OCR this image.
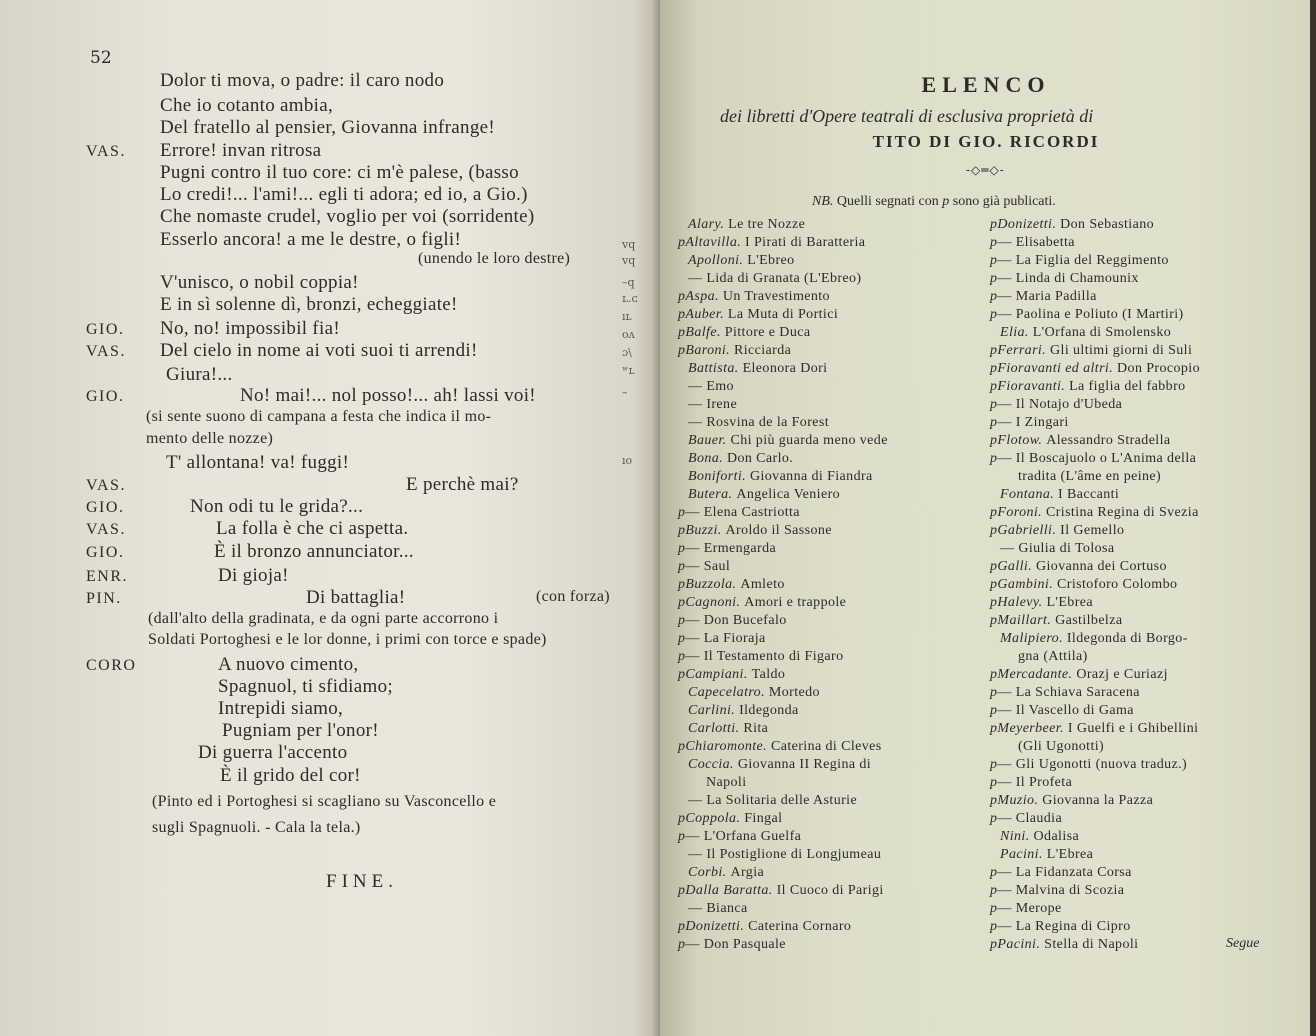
52
Dolor ti mova, o padre: il caro nodo
Che io cotanto ambia,
Del fratello al pensier, Giovanna infrange!
Errore! invan ritrosa
VAS.
Pugni contro il tuo core: ci m'è palese, (basso
Lo credi!... l'ami!... egli ti adora; ed io, a Gio.)
Che nomaste crudel, voglio per voi (sorridente)
Esserlo ancora! a me le destre, o figli!
(unendo le loro destre)
V'unisco, o nobil coppia!
E in sì solenne dì, bronzi, echeggiate!
No, no! impossibil fia!
GIO.
Del cielo in nome ai voti suoi ti arrendi!
VAS.
Giura!...
No! mai!... nol posso!... ah! lassi voi!
GIO.
(si sente suono di campana a festa che indica il mo-
mento delle nozze)
T' allontana! va! fuggi!
E perchè mai?
VAS.
Non odi tu le grida?...
GIO.
La folla è che ci aspetta.
VAS.
È il bronzo annunciator...
GIO.
Di gioja!
ENR.
Di battaglia!
PIN.	(con forza)
(dall'alto della gradinata, e da ogni parte accorrono i
Soldati Portoghesi e le lor donne, i primi con torce e spade)
A nuovo cimento,
CORO
Spagnuol, ti sfidiamo;
Intrepidi siamo,
Pugniam per l'onor!
Di guerra l'accento
È il grido del cor!
(Pinto ed i Portoghesi si scagliano su Vasconcello e
sugli Spagnuoli. - Cala la tela.)
ᴠq
ᴠq
–q
ʟ.ᴄ
ıʟ
oᴧ
ɔ\
ʷʟ
–
ıo
FINE.
ELENCO
dei libretti d'Opere teatrali di esclusiva proprietà di
TITO DI GIO. RICORDI
-◇═◇-
NB. Quelli segnati con p sono già publicati.
Alary. Le tre Nozze
pAltavilla. I Pirati di Baratteria
Apolloni. L'Ebreo
— Lida di Granata (L'Ebreo)
pAspa. Un Travestimento
pAuber. La Muta di Portici
pBalfe. Pittore e Duca
pBaroni. Ricciarda
Battista. Eleonora Dori
— Emo
— Irene
— Rosvina de la Forest
Bauer. Chi più guarda meno vede
Bona. Don Carlo.
Boniforti. Giovanna di Fiandra
Butera. Angelica Veniero
p— Elena Castriotta
pBuzzi. Aroldo il Sassone
p— Ermengarda
p— Saul
pBuzzola. Amleto
pCagnoni. Amori e trappole
p— Don Bucefalo
p— La Fioraja
p— Il Testamento di Figaro
pCampiani. Taldo
Capecelatro. Mortedo
Carlini. Ildegonda
Carlotti. Rita
pChiaromonte. Caterina di Cleves
Coccia. Giovanna II Regina di
Napoli
— La Solitaria delle Asturie
pCoppola. Fingal
p— L'Orfana Guelfa
— Il Postiglione di Longjumeau
Corbi. Argia
pDalla Baratta. Il Cuoco di Parigi
— Bianca
pDonizetti. Caterina Cornaro
p— Don Pasquale
pDonizetti. Don Sebastiano
p— Elisabetta
p— La Figlia del Reggimento
p— Linda di Chamounix
p— Maria Padilla
p— Paolina e Poliuto (I Martiri)
Elia. L'Orfana di Smolensko
pFerrari. Gli ultimi giorni di Suli
pFioravanti ed altri. Don Procopio
pFioravanti. La figlia del fabbro
p— Il Notajo d'Ubeda
p— I Zingari
pFlotow. Alessandro Stradella
p— Il Boscajuolo o L'Anima della
tradita (L'âme en peine)
Fontana. I Baccanti
pForoni. Cristina Regina di Svezia
pGabrielli. Il Gemello
— Giulia di Tolosa
pGalli. Giovanna dei Cortuso
pGambini. Cristoforo Colombo
pHalevy. L'Ebrea
pMaillart. Gastilbelza
Malipiero. Ildegonda di Borgo-
gna (Attila)
pMercadante. Orazj e Curiazj
p— La Schiava Saracena
p— Il Vascello di Gama
pMeyerbeer. I Guelfi e i Ghibellini
(Gli Ugonotti)
p— Gli Ugonotti (nuova traduz.)
p— Il Profeta
pMuzio. Giovanna la Pazza
p— Claudia
Nini. Odalisa
Pacini. L'Ebrea
p— La Fidanzata Corsa
p— Malvina di Scozia
p— Merope
p— La Regina di Cipro
pPacini. Stella di Napoli	Segue
